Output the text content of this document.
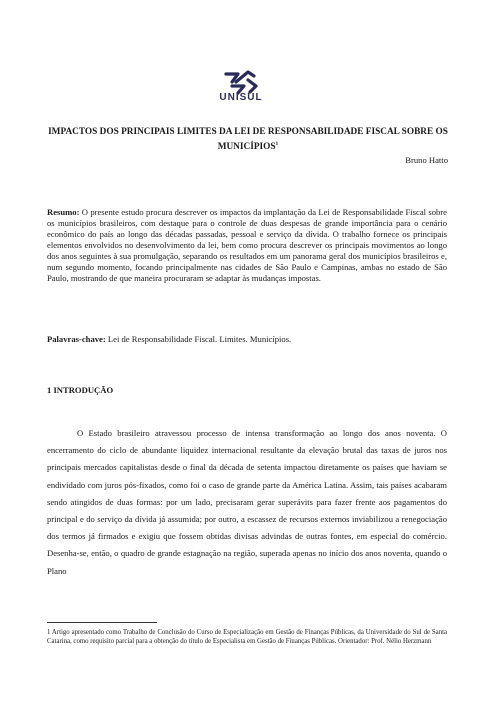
UNISUL
IMPACTOS DOS PRINCIPAIS LIMITES DA LEI DE RESPONSABILIDADE FISCAL SOBRE OS MUNICÍPIOS$^1$
Bruno Hatto
Resumo: O presente estudo procura descrever os impactos da implantação da Lei de Responsabilidade Fiscal sobre os municípios brasileiros, com destaque para o controle de duas despesas de grande importância para o cenário econômico do país ao longo das décadas passadas, pessoal e serviço da dívida. O trabalho fornece os principais elementos envolvidos no desenvolvimento da lei, bem como procura descrever os principais movimentos ao longo dos anos seguintes à sua promulgação, separando os resultados em um panorama geral dos municípios brasileiros e, num segundo momento, focando principalmente nas cidades de São Paulo e Campinas, ambas no estado de São Paulo, mostrando de que maneira procuraram se adaptar às mudanças impostas.
Palavras-chave: Lei de Responsabilidade Fiscal. Limites. Municípios.
1 INTRODUÇÃO
O Estado brasileiro atravessou processo de intensa transformação ao longo dos anos noventa. O encerramento do ciclo de abundante liquidez internacional resultante da elevação brutal das taxas de juros nos principais mercados capitalistas desde o final da década de setenta impactou diretamente os países que haviam se endividado com juros pós-fixados, como foi o caso de grande parte da América Latina. Assim, tais países acabaram sendo atingidos de duas formas: por um lado, precisaram gerar superávits para fazer frente aos pagamentos do principal e do serviço da dívida já assumida; por outro, a escassez de recursos externos inviabilizou a renegociação dos termos já firmados e exigiu que fossem obtidas divisas advindas de outras fontes, em especial do comércio. Desenha-se, então, o quadro de grande estagnação na região, superada apenas no início dos anos noventa, quando o Plano
1 Artigo apresentado como Trabalho de Conclusão do Curso de Especialização em Gestão de Finanças Públicas, da Universidade do Sul de Santa Catarina, como requisito parcial para a obtenção do título de Especialista em Gestão de Finanças Públicas. Orientador: Prof. Nélio Herzmann
